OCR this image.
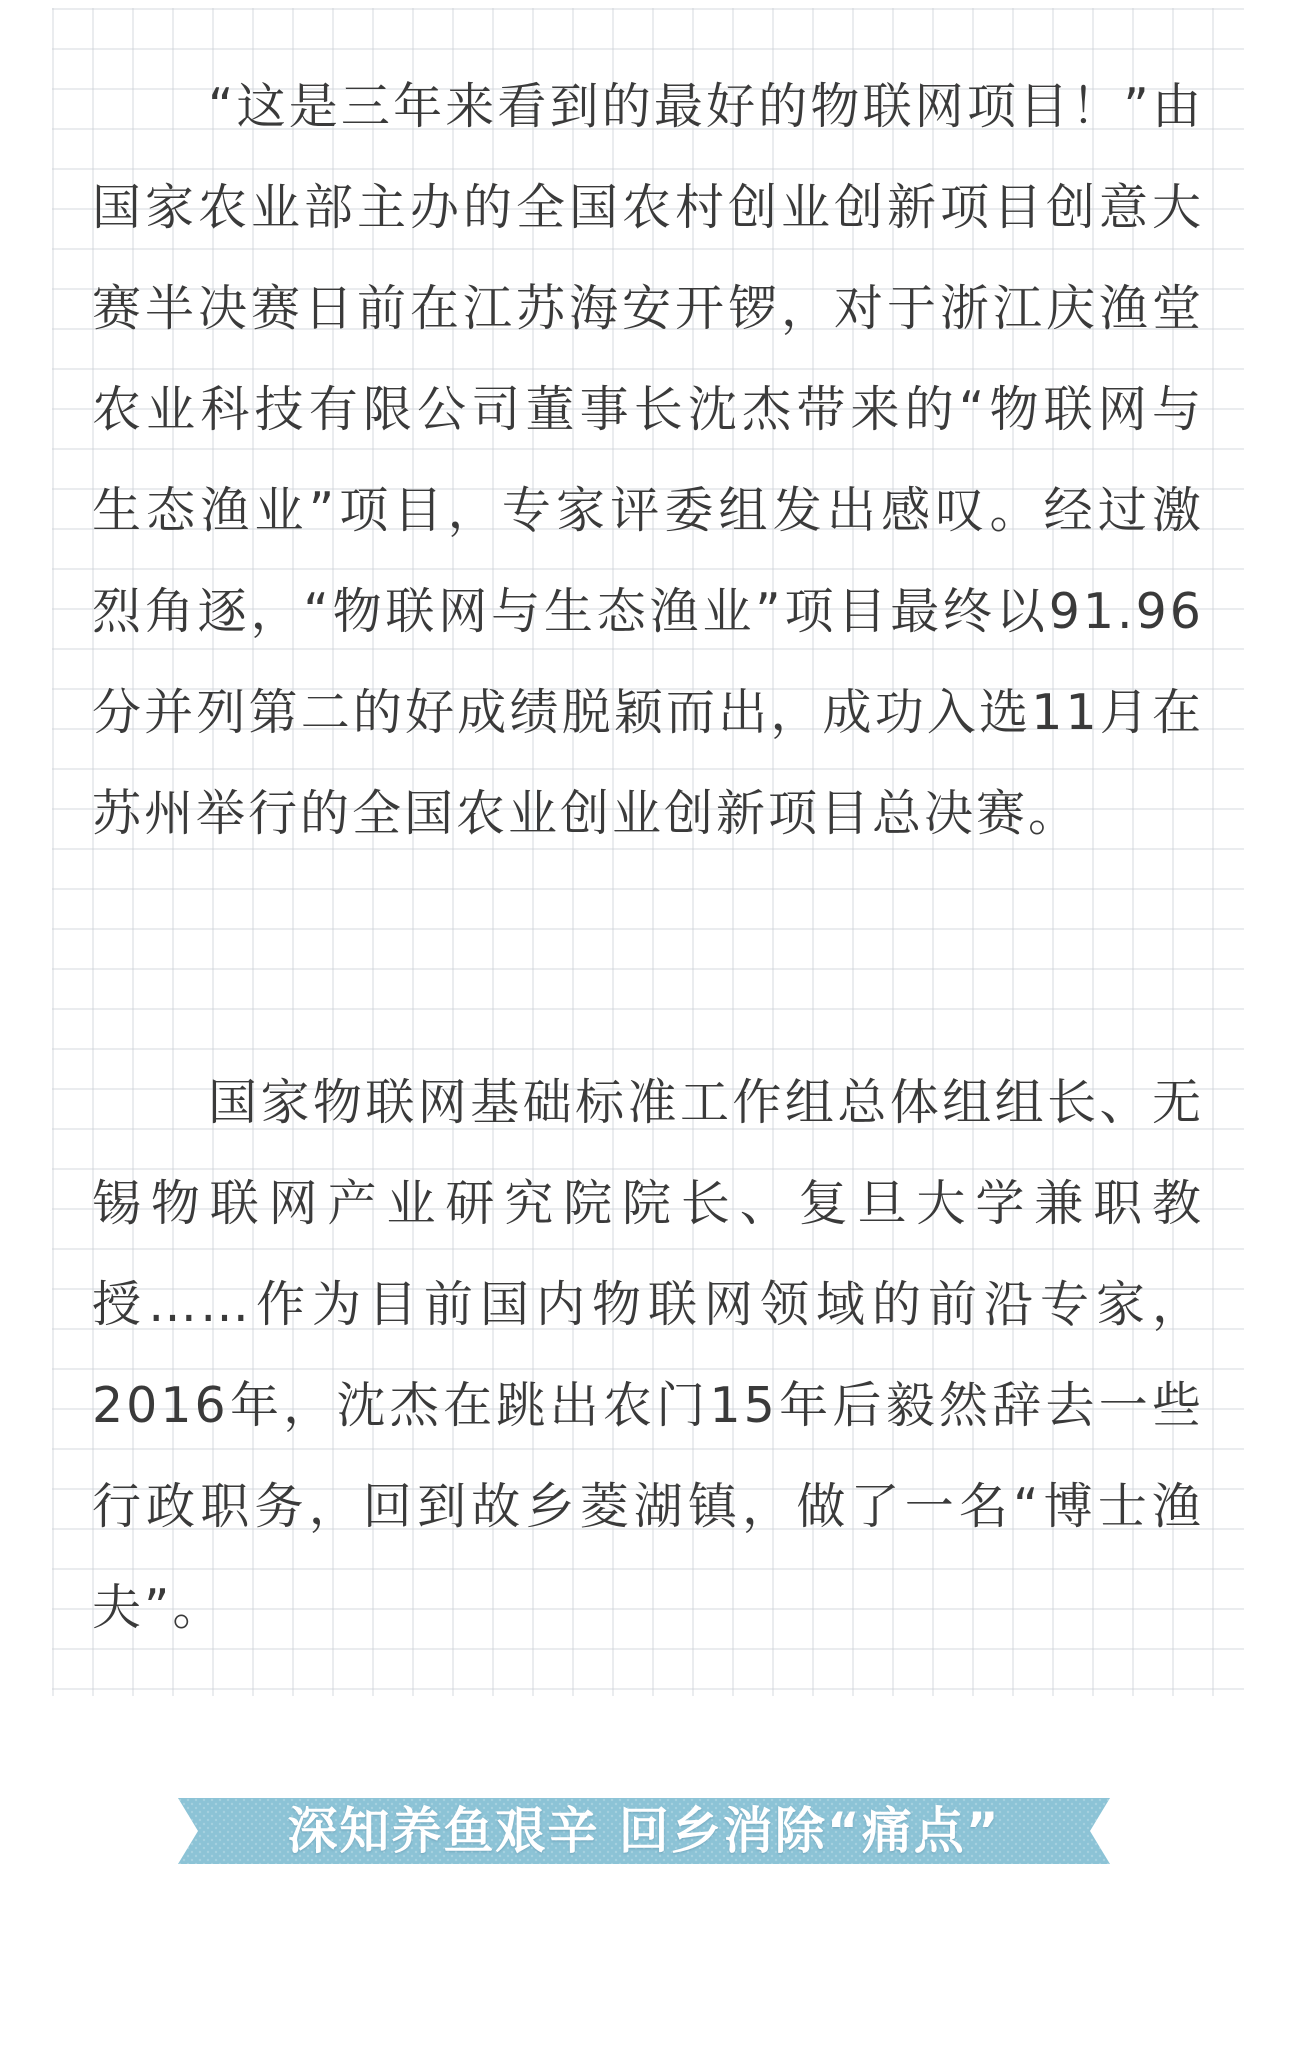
“这是三年来看到的最好的物联网项目！”由国家农业部主办的全国农村创业创新项目创意大赛半决赛日前在江苏海安开锣，对于浙江庆渔堂农业科技有限公司董事长沈杰带来的“物联网与生态渔业”项目，专家评委组发出感叹。经过激烈角逐，“物联网与生态渔业”项目最终以91.96分并列第二的好成绩脱颖而出，成功入选11月在苏州举行的全国农业创业创新项目总决赛。

国家物联网基础标准工作组总体组组长、无锡物联网产业研究院院长、复旦大学兼职教授……作为目前国内物联网领域的前沿专家，2016年，沈杰在跳出农门15年后毅然辞去一些行政职务，回到故乡菱湖镇，做了一名“博士渔夫”。

深知养鱼艰辛 回乡消除“痛点”
